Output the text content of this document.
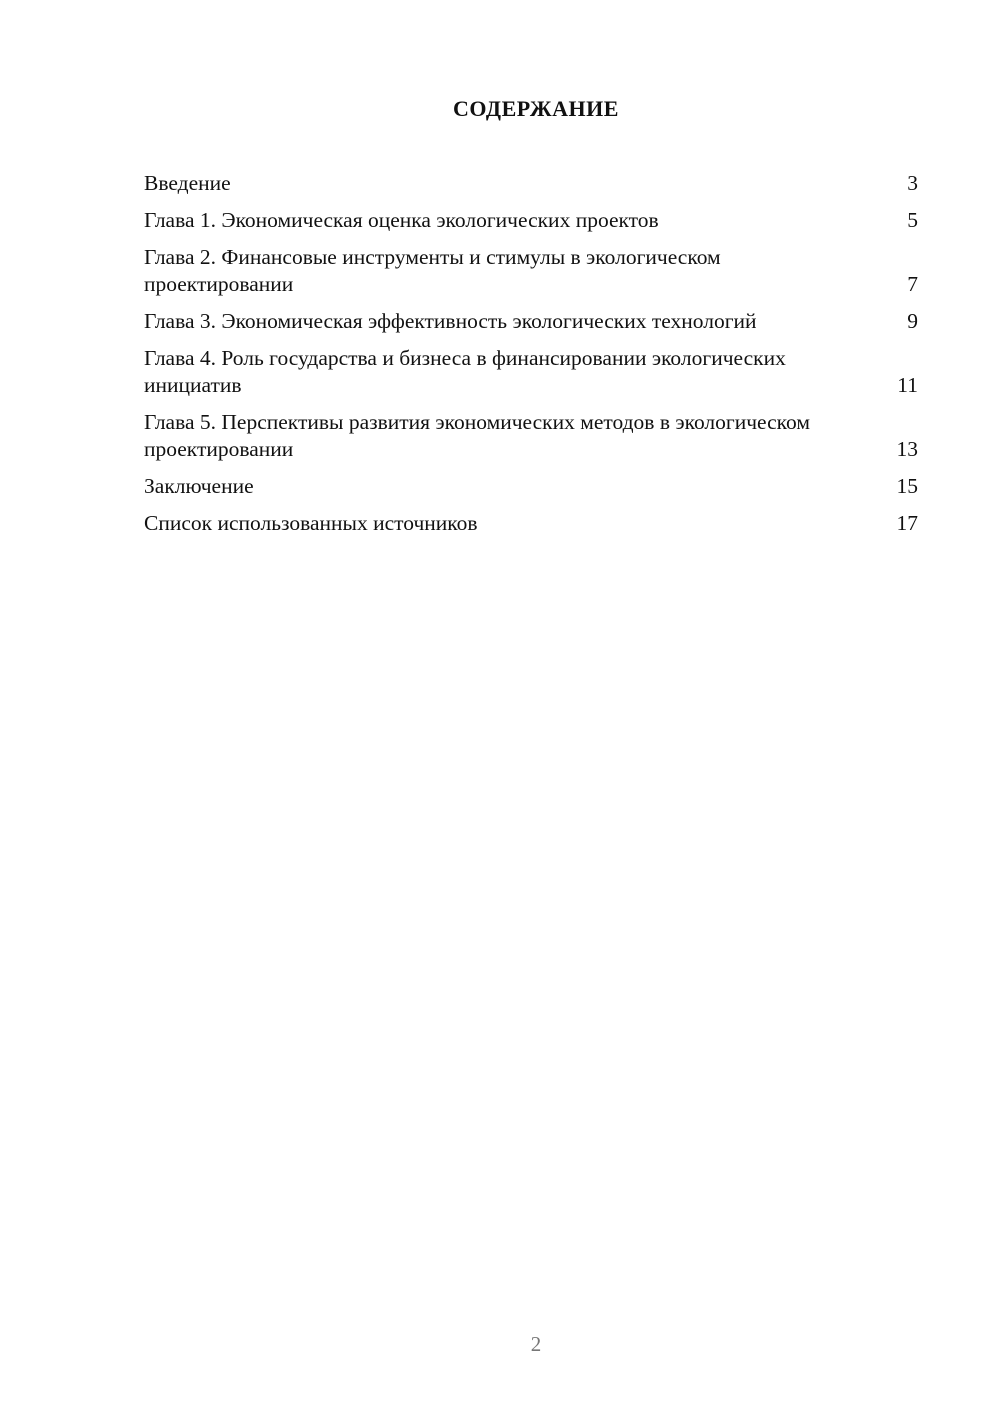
СОДЕРЖАНИЕ
Введение	3
Глава 1. Экономическая оценка экологических проектов	5
Глава 2. Финансовые инструменты и стимулы в экологическом проектировании	7
Глава 3. Экономическая эффективность экологических технологий	9
Глава 4. Роль государства и бизнеса в финансировании экологических инициатив	11
Глава 5. Перспективы развития экономических методов в экологическом проектировании	13
Заключение	15
Список использованных источников	17
2
